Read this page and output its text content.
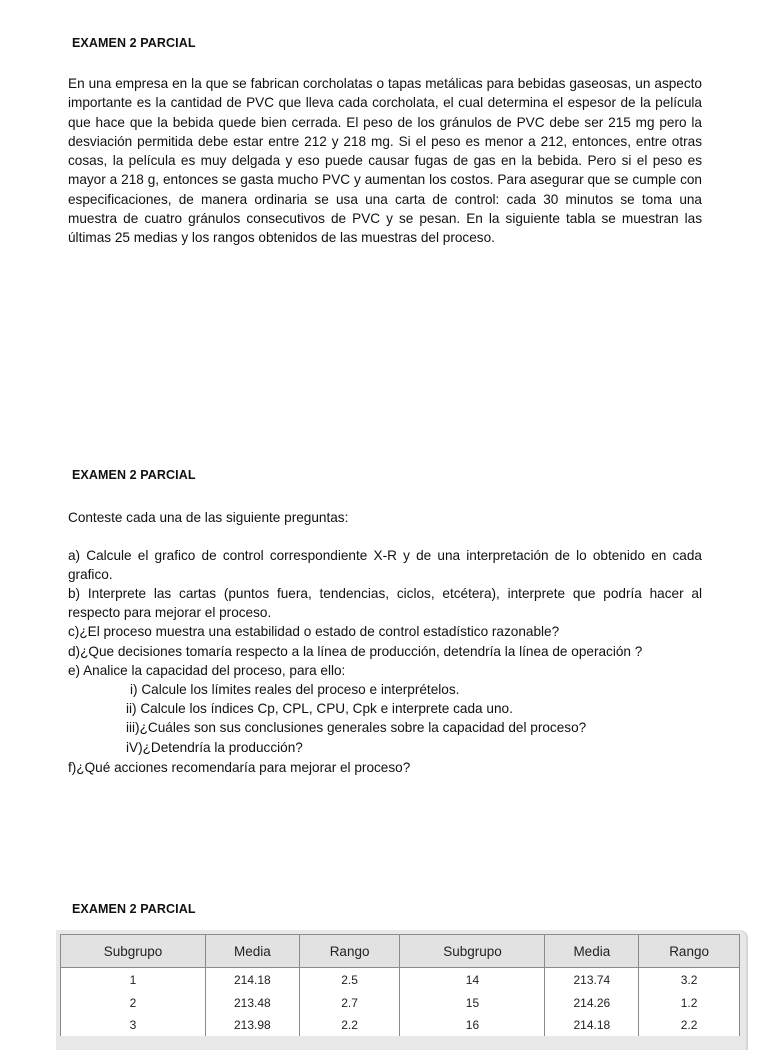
EXAMEN 2 PARCIAL

En una empresa en la que se fabrican corcholatas o tapas metálicas para bebidas gaseosas, un aspecto importante es la cantidad de PVC que lleva cada corcholata, el cual determina el espesor de la película que hace que la bebida quede bien cerrada. El peso de los gránulos de PVC debe ser 215 mg pero la desviación permitida debe estar entre 212 y 218 mg. Si el peso es menor a 212, entonces, entre otras cosas, la película es muy delgada y eso puede causar fugas de gas en la bebida. Pero si el peso es mayor a 218 g, entonces se gasta mucho PVC y aumentan los costos. Para asegurar que se cumple con especificaciones, de manera ordinaria se usa una carta de control: cada 30 minutos se toma una muestra de cuatro gránulos consecutivos de PVC y se pesan. En la siguiente tabla se muestran las últimas 25 medias y los rangos obtenidos de las muestras del proceso.

EXAMEN 2 PARCIAL
Conteste cada una de las siguiente preguntas:
a) Calcule el grafico de control correspondiente X-R y de una interpretación de lo obtenido en cada grafico.
b) Interprete las cartas (puntos fuera, tendencias, ciclos, etcétera), interprete que podría hacer al respecto para mejorar el proceso.
c)¿El proceso muestra una estabilidad o estado de control estadístico razonable?
d)¿Que decisiones tomaría respecto a la línea de producción, detendría la línea de operación ?
e) Analice la capacidad del proceso, para ello:
i) Calcule los límites reales del proceso e interprételos.
ii) Calcule los índices Cp, CPL, CPU, Cpk e interprete cada uno.
iii)¿Cuáles son sus conclusiones generales sobre la capacidad del proceso?
iV)¿Detendría la producción?
f)¿Qué acciones recomendaría para mejorar el proceso?
EXAMEN 2 PARCIAL
Subgrupo	Media	Rango	Subgrupo	Media	Rango
1	214.18	2.5	14	213.74	3.2
2	213.48	2.7	15	214.26	1.2
3	213.98	2.2	16	214.18	2.2
